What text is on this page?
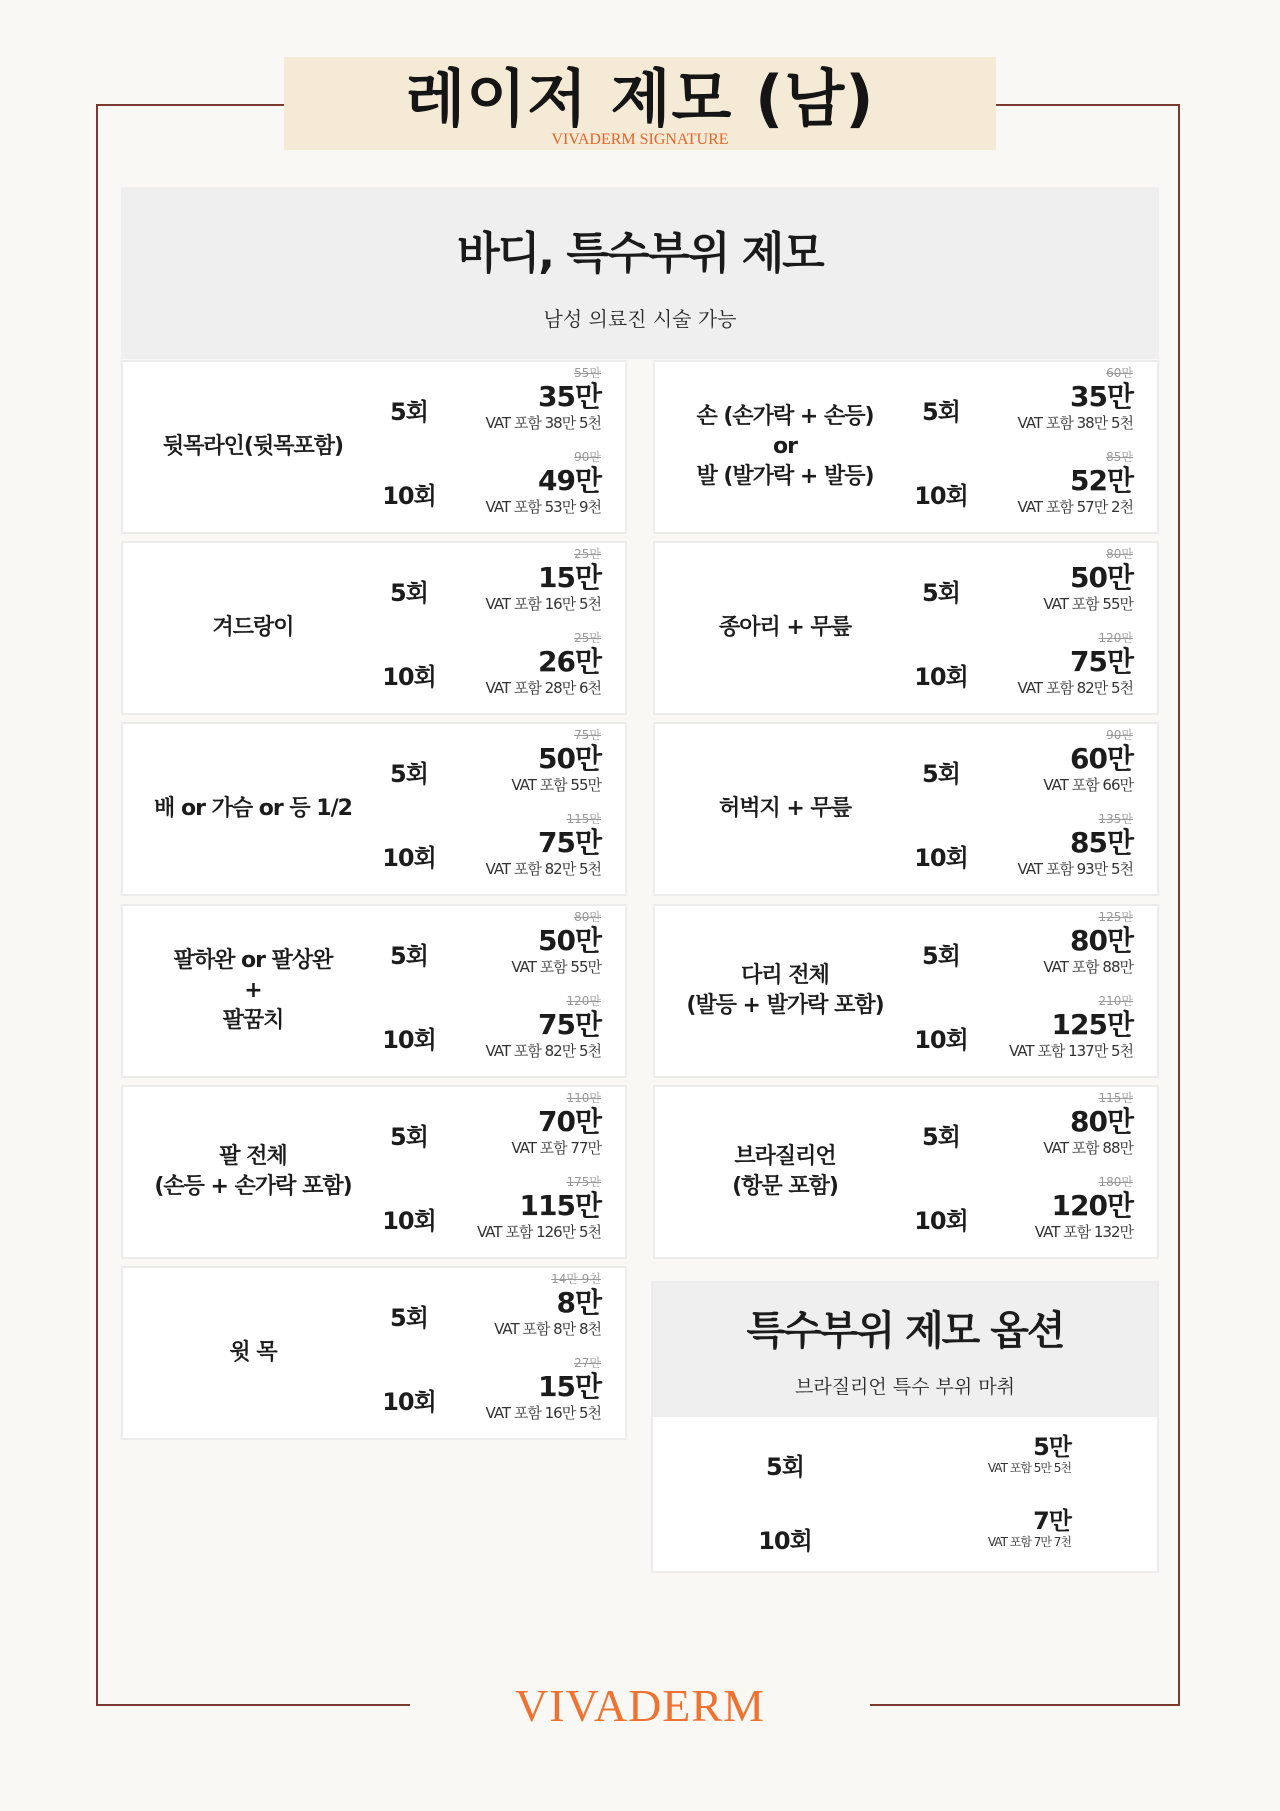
레이저 제모 (남)
VIVADERM SIGNATURE
바디, 특수부위 제모
남성 의료진 시술 가능
뒷목라인(뒷목포함)
5회
55만
35만
VAT 포함 38만 5천
10회
90만
49만
VAT 포함 53만 9천
손 (손가락 + 손등)
or
발 (발가락 + 발등)
5회
60만
35만
VAT 포함 38만 5천
10회
85만
52만
VAT 포함 57만 2천
겨드랑이
5회
25만
15만
VAT 포함 16만 5천
10회
25만
26만
VAT 포함 28만 6천
종아리 + 무릎
5회
80만
50만
VAT 포함 55만
10회
120만
75만
VAT 포함 82만 5천
배 or 가슴 or 등 1/2
5회
75만
50만
VAT 포함 55만
10회
115만
75만
VAT 포함 82만 5천
허벅지 + 무릎
5회
90만
60만
VAT 포함 66만
10회
135만
85만
VAT 포함 93만 5천
팔하완 or 팔상완
+
팔꿈치
5회
80만
50만
VAT 포함 55만
10회
120만
75만
VAT 포함 82만 5천
다리 전체
(발등 + 발가락 포함)
5회
125만
80만
VAT 포함 88만
10회
210만
125만
VAT 포함 137만 5천
팔 전체
(손등 + 손가락 포함)
5회
110만
70만
VAT 포함 77만
10회
175만
115만
VAT 포함 126만 5천
브라질리언
(항문 포함)
5회
115만
80만
VAT 포함 88만
10회
180만
120만
VAT 포함 132만
윗 목
5회
14만 9천
8만
VAT 포함 8만 8천
10회
27만
15만
VAT 포함 16만 5천
특수부위 제모 옵션
브라질리언 특수 부위 마취
5회
5만
VAT 포함 5만 5천
10회
7만
VAT 포함 7만 7천
VIVADERM
